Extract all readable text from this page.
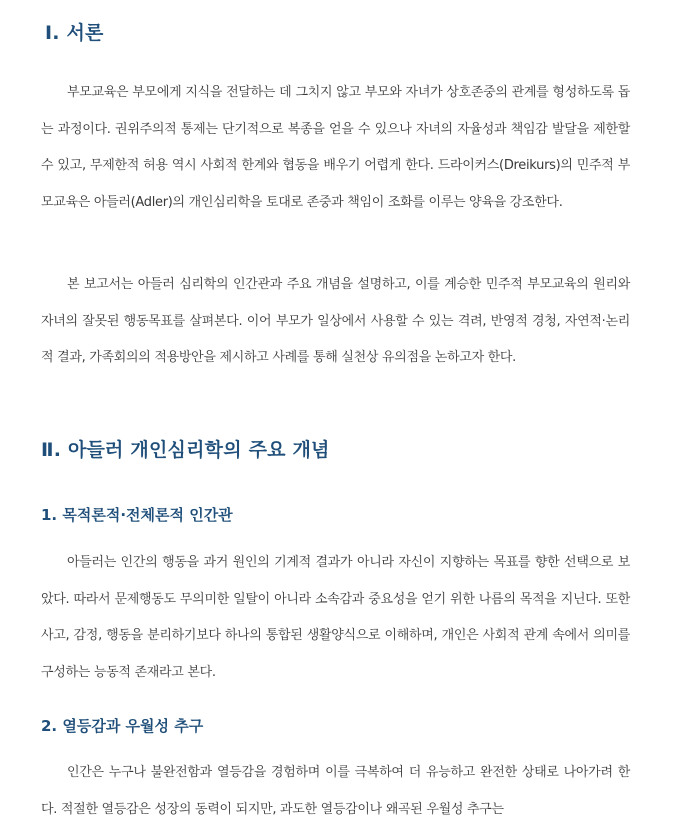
Ⅰ. 서론

부모교육은 부모에게 지식을 전달하는 데 그치지 않고 부모와 자녀가 상호존중의 관계를 형성하도록 돕는 과정이다. 권위주의적 통제는 단기적으로 복종을 얻을 수 있으나 자녀의 자율성과 책임감 발달을 제한할 수 있고, 무제한적 허용 역시 사회적 한계와 협동을 배우기 어렵게 한다. 드라이커스(Dreikurs)의 민주적 부모교육은 아들러(Adler)의 개인심리학을 토대로 존중과 책임이 조화를 이루는 양육을 강조한다.

본 보고서는 아들러 심리학의 인간관과 주요 개념을 설명하고, 이를 계승한 민주적 부모교육의 원리와 자녀의 잘못된 행동목표를 살펴본다. 이어 부모가 일상에서 사용할 수 있는 격려, 반영적 경청, 자연적·논리적 결과, 가족회의의 적용방안을 제시하고 사례를 통해 실천상 유의점을 논하고자 한다.

Ⅱ. 아들러 개인심리학의 주요 개념
1. 목적론적·전체론적 인간관

아들러는 인간의 행동을 과거 원인의 기계적 결과가 아니라 자신이 지향하는 목표를 향한 선택으로 보았다. 따라서 문제행동도 무의미한 일탈이 아니라 소속감과 중요성을 얻기 위한 나름의 목적을 지닌다. 또한 사고, 감정, 행동을 분리하기보다 하나의 통합된 생활양식으로 이해하며, 개인은 사회적 관계 속에서 의미를 구성하는 능동적 존재라고 본다.

2. 열등감과 우월성 추구

인간은 누구나 불완전함과 열등감을 경험하며 이를 극복하여 더 유능하고 완전한 상태로 나아가려 한다. 적절한 열등감은 성장의 동력이 되지만, 과도한 열등감이나 왜곡된 우월성 추구는
